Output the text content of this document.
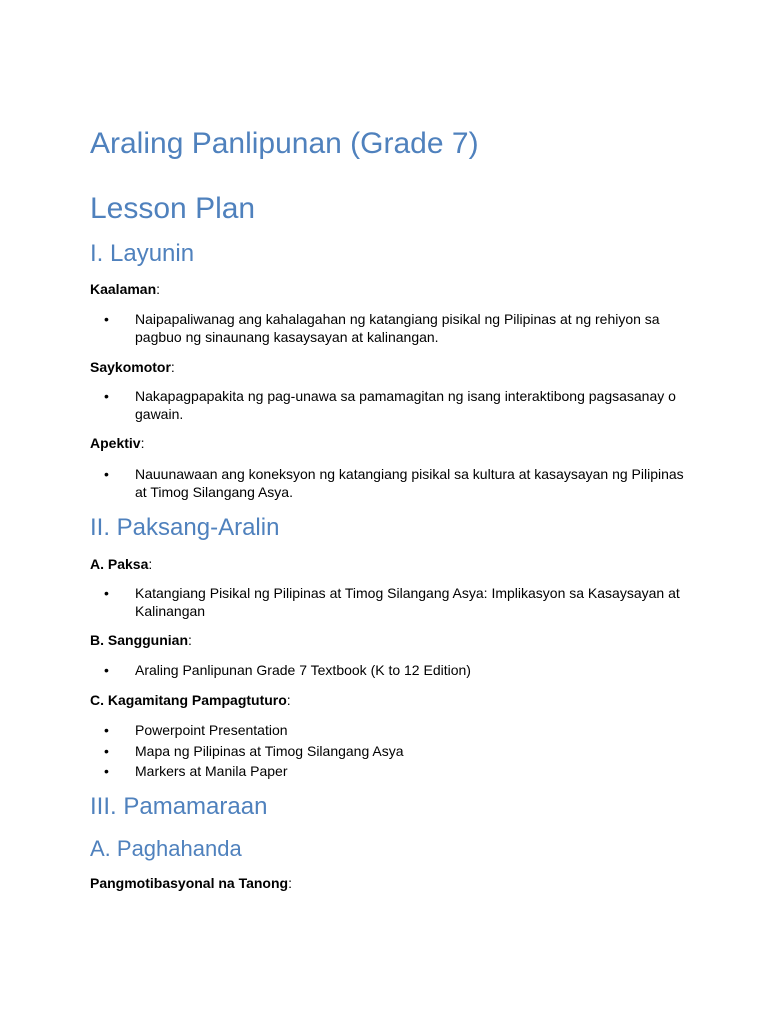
Araling Panlipunan (Grade 7)
Lesson Plan
I. Layunin

Kaalaman:

• Naipapaliwanag ang kahalagahan ng katangiang pisikal ng Pilipinas at ng rehiyon sa pagbuo ng sinaunang kasaysayan at kalinangan.

Saykomotor:

• Nakapagpapakita ng pag-unawa sa pamamagitan ng isang interaktibong pagsasanay o gawain.

Apektiv:

• Nauunawaan ang koneksyon ng katangiang pisikal sa kultura at kasaysayan ng Pilipinas at Timog Silangang Asya.
II. Paksang-Aralin

A. Paksa:

• Katangiang Pisikal ng Pilipinas at Timog Silangang Asya: Implikasyon sa Kasaysayan at Kalinangan

B. Sanggunian:

• Araling Panlipunan Grade 7 Textbook (K to 12 Edition)

C. Kagamitang Pampagtuturo:

• Powerpoint Presentation
• Mapa ng Pilipinas at Timog Silangang Asya
• Markers at Manila Paper
III. Pamamaraan
A. Paghahanda

Pangmotibasyonal na Tanong:
